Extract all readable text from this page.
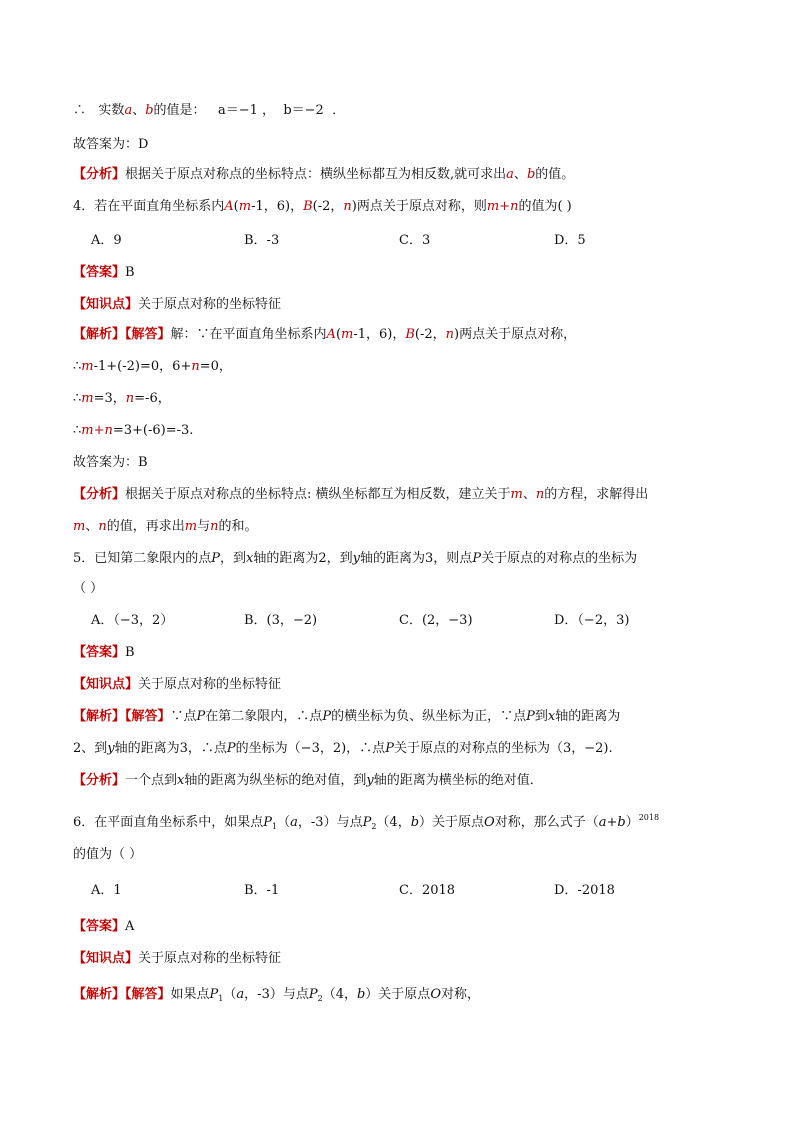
∴ 实数a、b的值是： a＝−1 ， b＝−2 ．
故答案为：D
【分析】根据关于原点对称点的坐标特点：横纵坐标都互为相反数,就可求出a、b的值。
4．若在平面直角坐标系内A(m-1，6)，B(-2，n)两点关于原点对称，则m+n的值为( )
A．9	B．-3	C．3	D．5
【答案】B
【知识点】关于原点对称的坐标特征
【解析】【解答】解：∵在平面直角坐标系内A(m-1，6)，B(-2，n)两点关于原点对称，
∴m-1+(-2)=0，6+n=0，
∴m=3，n=-6，
∴m+n=3+(-6)=-3.
故答案为：B
【分析】根据关于原点对称点的坐标特点: 横纵坐标都互为相反数，建立关于m、n的方程，求解得出
m、n的值，再求出m与n的和。
5．已知第二象限内的点P，到x轴的距离为2，到y轴的距离为3，则点P关于原点的对称点的坐标为
（ ）
A．（−3，2）	B．(3，−2)	C．(2，−3)	D．（−2，3)
【答案】B
【知识点】关于原点对称的坐标特征
【解析】【解答】∵点P在第二象限内，∴点P的横坐标为负、纵坐标为正，∵点P到x轴的距离为
2、到y轴的距离为3，∴点P的坐标为（−3，2)，∴点P关于原点的对称点的坐标为（3，−2).
【分析】一个点到x轴的距离为纵坐标的绝对值，到y轴的距离为横坐标的绝对值．
6．在平面直角坐标系中，如果点$P_1(a$，-3）与点$P_2(4$，b）关于原点O对称，那么式子$(a+b)^{2018}$
的值为（ ）
A．1	B．-1	C．2018	D．-2018
【答案】A
【知识点】关于原点对称的坐标特征
【解析】【解答】如果点$P_1(a$，-3）与点$P_2(4$，b）关于原点O对称，
